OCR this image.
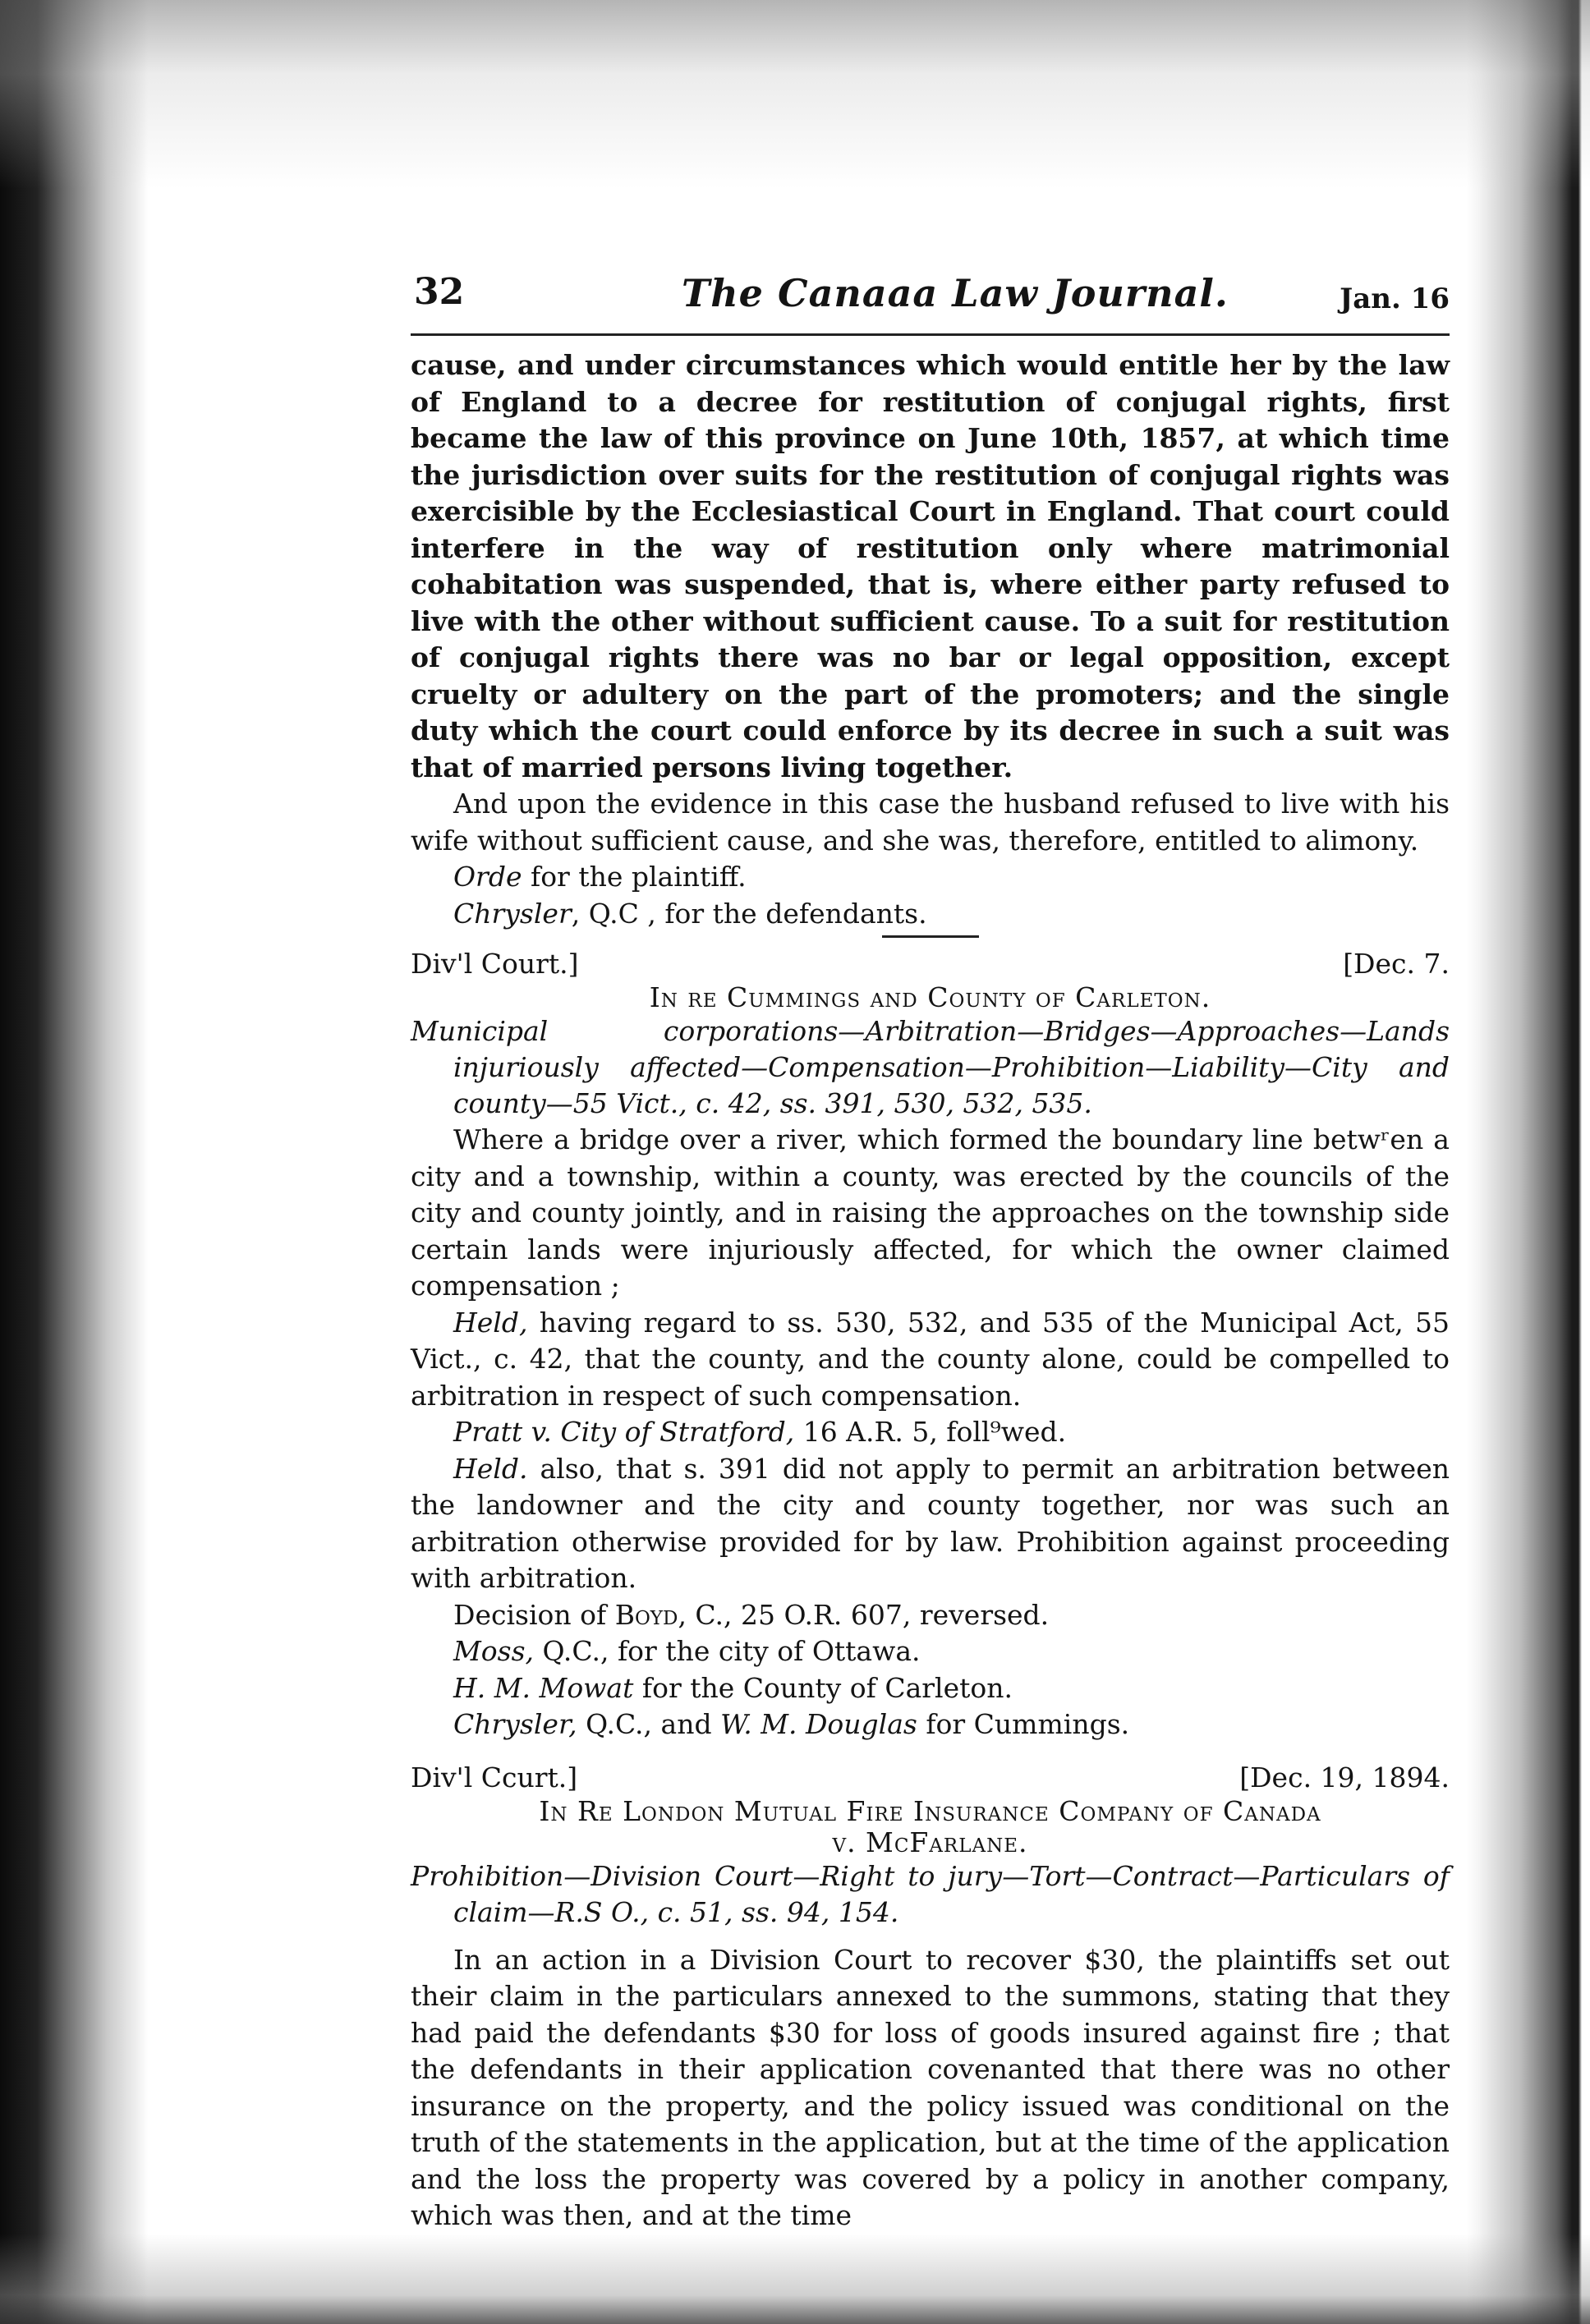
32	The Canaaa Law Journal.	Jan. 16

cause, and under circumstances which would entitle her by the law of England to a decree for restitution of conjugal rights, first became the law of this province on June 10th, 1857, at which time the jurisdiction over suits for the restitution of conjugal rights was exercisible by the Ecclesiastical Court in England. That court could interfere in the way of restitution only where matrimonial cohabitation was suspended, that is, where either party refused to live with the other without sufficient cause. To a suit for restitution of conjugal rights there was no bar or legal opposition, except cruelty or adultery on the part of the promoters; and the single duty which the court could enforce by its decree in such a suit was that of married persons living together.

And upon the evidence in this case the husband refused to live with his wife without sufficient cause, and she was, therefore, entitled to alimony.

Orde for the plaintiff.

Chrysler, Q.C , for the defendants.

Div'l Court.]	[Dec. 7.
In re Cummings and County of Carleton.

Municipal corporations—Arbitration—Bridges—Approaches—Lands injuriously affected—Compensation—Prohibition—Liability—City and county—55 Vict., c. 42, ss. 391, 530, 532, 535.

Where a bridge over a river, which formed the boundary line betwʳen a city and a township, within a county, was erected by the councils of the city and county jointly, and in raising the approaches on the township side certain lands were injuriously affected, for which the owner claimed compensation ;

Held, having regard to ss. 530, 532, and 535 of the Municipal Act, 55 Vict., c. 42, that the county, and the county alone, could be compelled to arbitration in respect of such compensation.

Pratt v. City of Stratford, 16 A.R. 5, foll⁹wed.

Held. also, that s. 391 did not apply to permit an arbitration between the landowner and the city and county together, nor was such an arbitration otherwise provided for by law. Prohibition against proceeding with arbitration.

Decision of Boyd, C., 25 O.R. 607, reversed.

Moss, Q.C., for the city of Ottawa.

H. M. Mowat for the County of Carleton.

Chrysler, Q.C., and W. M. Douglas for Cummings.

Div'l Ccurt.]	[Dec. 19, 1894.
In Re London Mutual Fire Insurance Company of Canada
v. McFarlane.

Prohibition—Division Court—Right to jury—Tort—Contract—Particulars of claim—R.S O., c. 51, ss. 94, 154.

In an action in a Division Court to recover $30, the plaintiffs set out their claim in the particulars annexed to the summons, stating that they had paid the defendants $30 for loss of goods insured against fire ; that the defendants in their application covenanted that there was no other insurance on the property, and the policy issued was conditional on the truth of the statements in the application, but at the time of the application and the loss the property was covered by a policy in another company, which was then, and at the time
